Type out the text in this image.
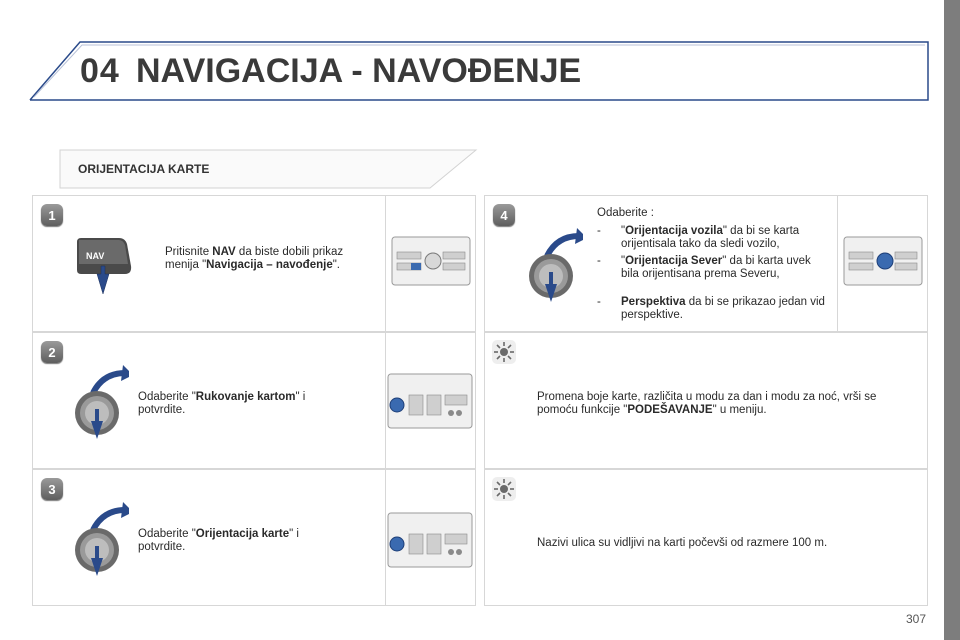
04 NAVIGACIJA - NAVOĐENJE
ORIJENTACIJA KARTE
1
NAV	Pritisnite NAV da biste dobili prikaz menija "Navigacija – navođenje".
2
Odaberite "Rukovanje kartom" i potvrdite.
3
Odaberite "Orijentacija karte" i potvrdite.
4	Odaberite :
- "Orijentacija vozila" da bi se karta orijentisala tako da sledi vozilo,
- "Orijentacija Sever" da bi karta uvek bila orijentisana prema Severu,
- Perspektiva da bi se prikazao jedan vid perspektive.
Promena boje karte, različita u modu za dan i modu za noć, vrši se pomoću funkcije "PODEŠAVANJE" u meniju.
Nazivi ulica su vidljivi na karti počevši od razmere 100 m.
307
